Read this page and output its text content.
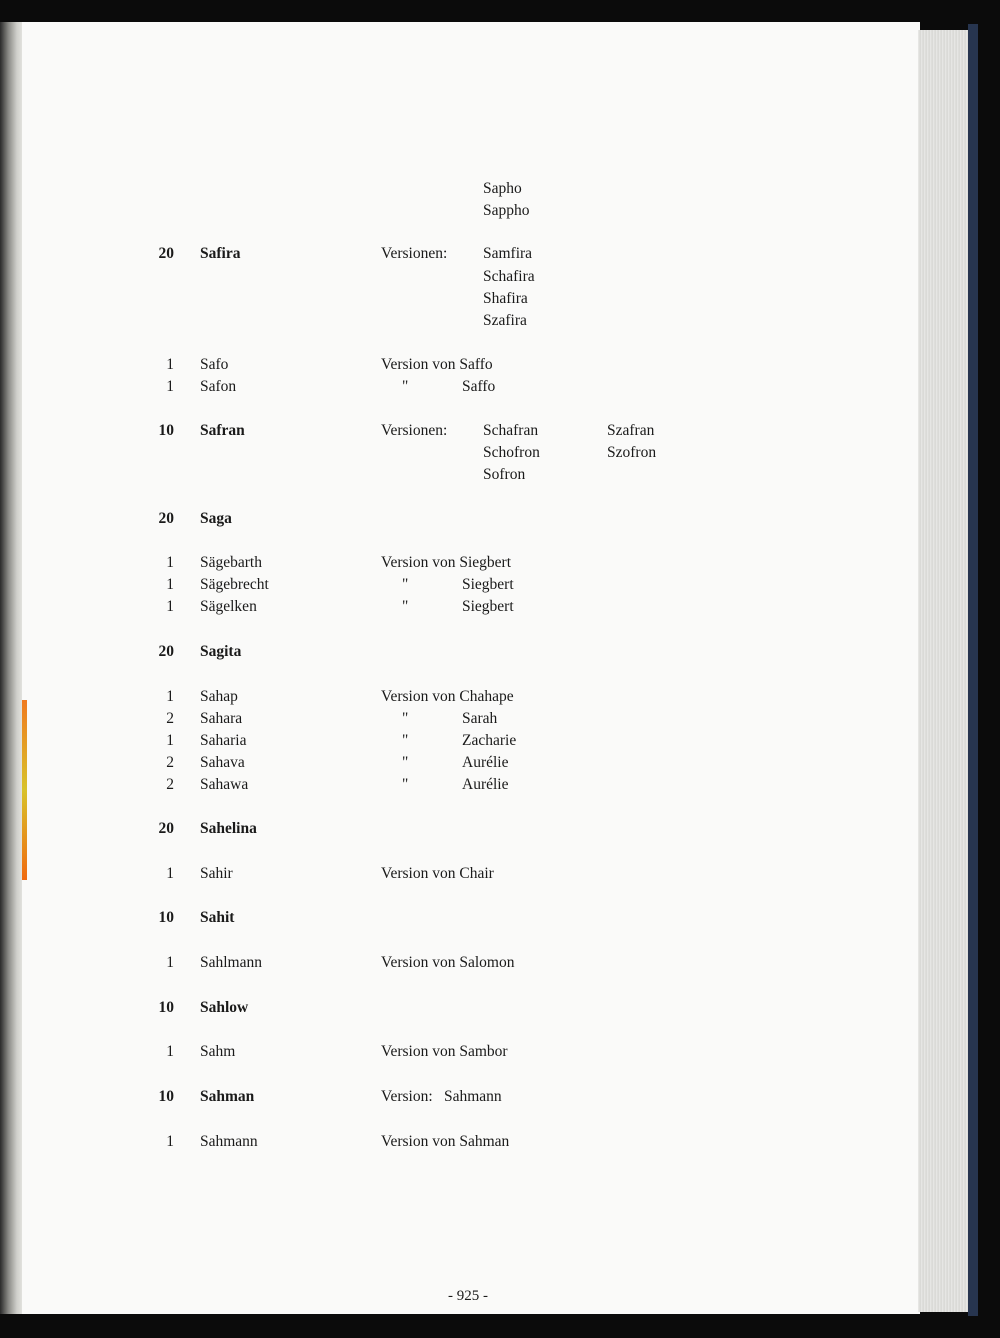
Sapho
Sappho
20 Safira	Versionen: Samfira
Schafira
Shafira
Szafira
1 Safo	Version von Saffo
1 Safon	"	Saffo
10 Safran	Versionen: Schafran	Szafran
Schofron	Szofron
Sofron
20 Saga
1 Sägebarth	Version von Siegbert
1 Sägebrecht	"	Siegbert
1 Sägelken	"	Siegbert
20 Sagita
1 Sahap	Version von Chahape
2 Sahara	"	Sarah
1 Saharia	"	Zacharie
2 Sahava	"	Aurélie
2 Sahawa	"	Aurélie
20 Sahelina
1 Sahir	Version von Chair
10 Sahit
1 Sahlmann	Version von Salomon
10 Sahlow
1 Sahm	Version von Sambor
10 Sahman	Version: Sahmann
1 Sahmann	Version von Sahman
- 925 -
